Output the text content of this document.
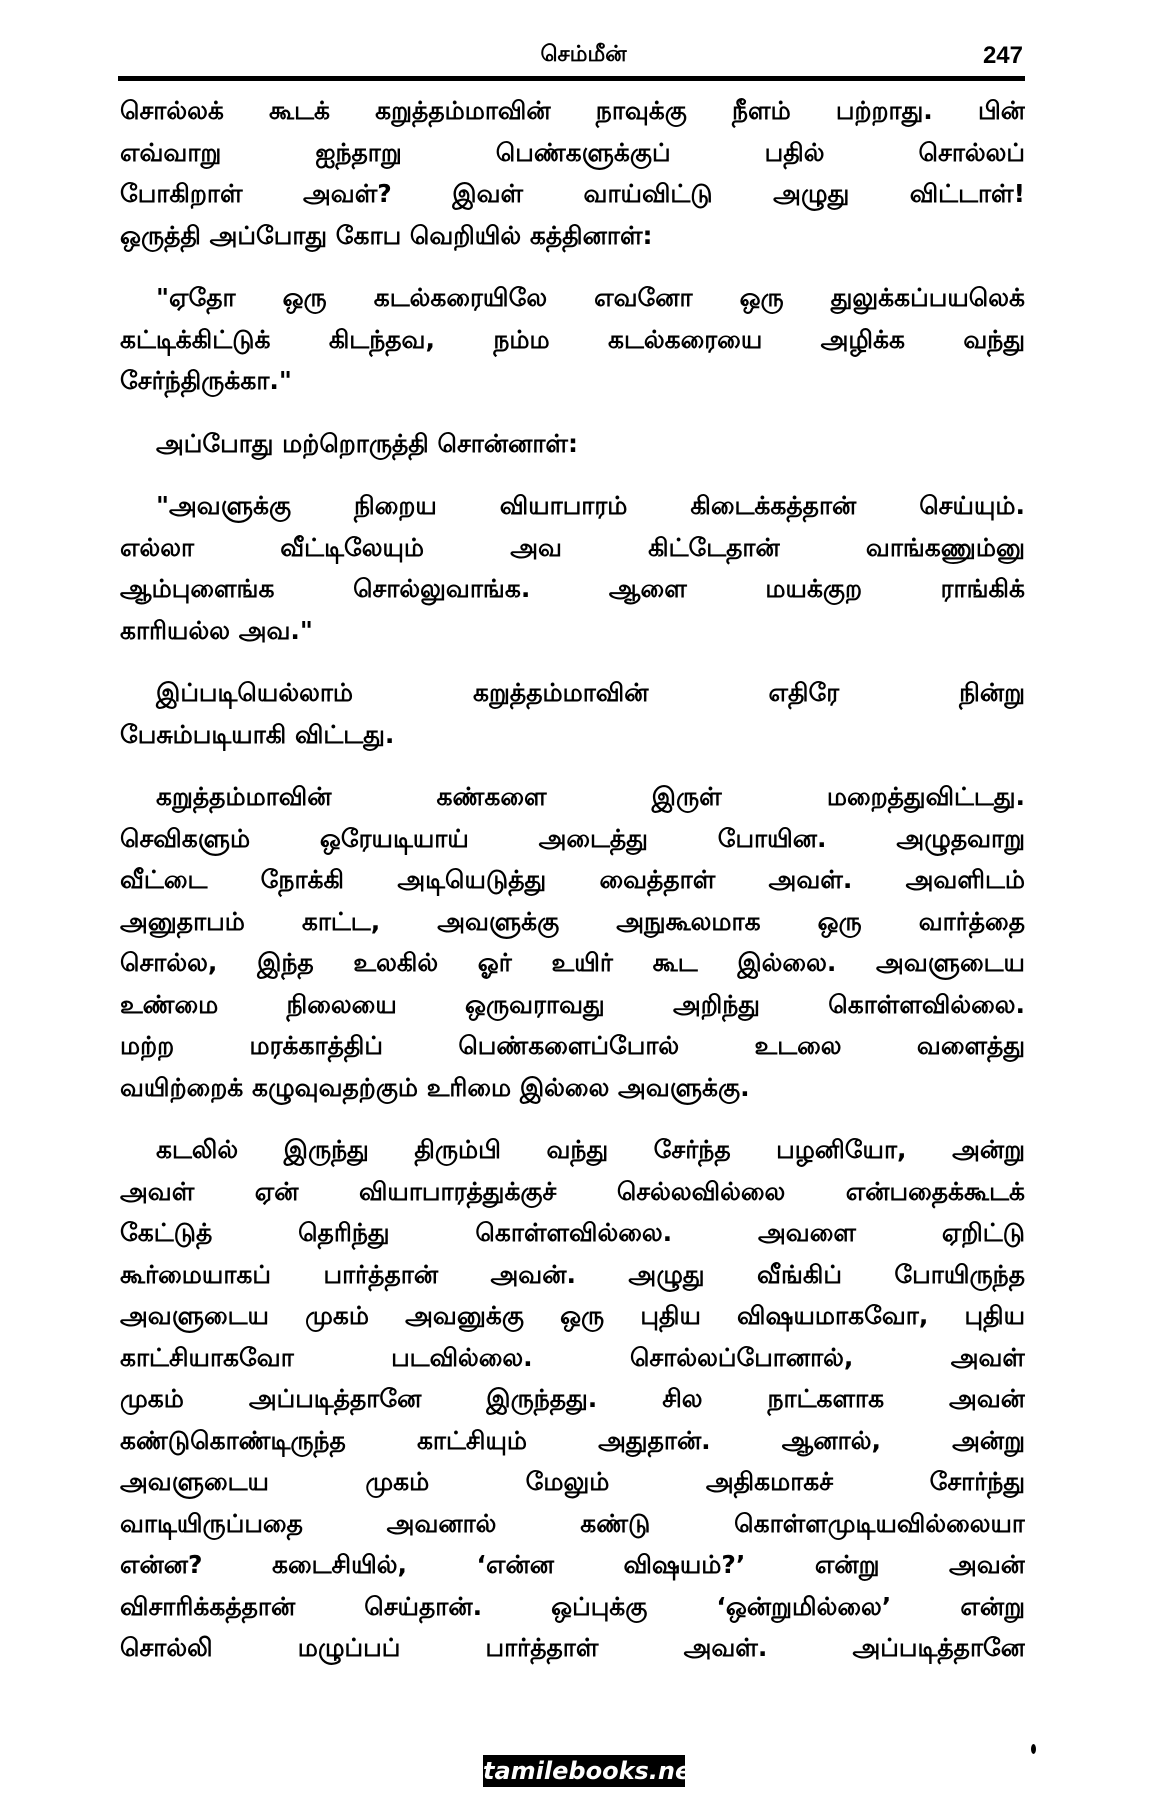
செம்மீன்	247
சொல்லக் கூடக் கறுத்தம்மாவின் நாவுக்கு நீளம் பற்றாது. பின்
எவ்வாறு ஐந்தாறு பெண்களுக்குப் பதில் சொல்லப்
போகிறாள் அவள்? இவள் வாய்விட்டு அழுது விட்டாள்!
ஒருத்தி அப்போது கோப வெறியில் கத்தினாள்:
"ஏதோ ஒரு கடல்கரையிலே எவனோ ஒரு துலுக்கப்பயலெக்
கட்டிக்கிட்டுக் கிடந்தவ, நம்ம கடல்கரையை அழிக்க வந்து
சேர்ந்திருக்கா."
அப்போது மற்றொருத்தி சொன்னாள்:
"அவளுக்கு நிறைய வியாபாரம் கிடைக்கத்தான் செய்யும்.
எல்லா வீட்டிலேயும் அவ கிட்டேதான் வாங்கணும்னு
ஆம்புளைங்க சொல்லுவாங்க. ஆளை மயக்குற ராங்கிக்
காரியல்ல அவ."
இப்படியெல்லாம் கறுத்தம்மாவின் எதிரே நின்று
பேசும்படியாகி விட்டது.
கறுத்தம்மாவின் கண்களை இருள் மறைத்துவிட்டது.
செவிகளும் ஒரேயடியாய் அடைத்து போயின. அழுதவாறு
வீட்டை நோக்கி அடியெடுத்து வைத்தாள் அவள். அவளிடம்
அனுதாபம் காட்ட, அவளுக்கு அநுகூலமாக ஒரு வார்த்தை
சொல்ல, இந்த உலகில் ஓர் உயிர் கூட இல்லை. அவளுடைய
உண்மை நிலையை ஒருவராவது அறிந்து கொள்ளவில்லை.
மற்ற மரக்காத்திப் பெண்களைப்போல் உடலை வளைத்து
வயிற்றைக் கழுவுவதற்கும் உரிமை இல்லை அவளுக்கு.
கடலில் இருந்து திரும்பி வந்து சேர்ந்த பழனியோ, அன்று
அவள் ஏன் வியாபாரத்துக்குச் செல்லவில்லை என்பதைக்கூடக்
கேட்டுத் தெரிந்து கொள்ளவில்லை. அவளை ஏறிட்டு
கூர்மையாகப் பார்த்தான் அவன். அழுது வீங்கிப் போயிருந்த
அவளுடைய முகம் அவனுக்கு ஒரு புதிய விஷயமாகவோ, புதிய
காட்சியாகவோ படவில்லை. சொல்லப்போனால், அவள்
முகம் அப்படித்தானே இருந்தது. சில நாட்களாக அவன்
கண்டுகொண்டிருந்த காட்சியும் அதுதான். ஆனால், அன்று
அவளுடைய முகம் மேலும் அதிகமாகச் சோர்ந்து
வாடியிருப்பதை அவனால் கண்டு கொள்ளமுடியவில்லையா
என்ன? கடைசியில், ‘என்ன விஷயம்?’ என்று அவன்
விசாரிக்கத்தான் செய்தான். ஒப்புக்கு ‘ஒன்றுமில்லை’ என்று
சொல்லி மழுப்பப் பார்த்தாள் அவள். அப்படித்தானே
tamilebooks.net
